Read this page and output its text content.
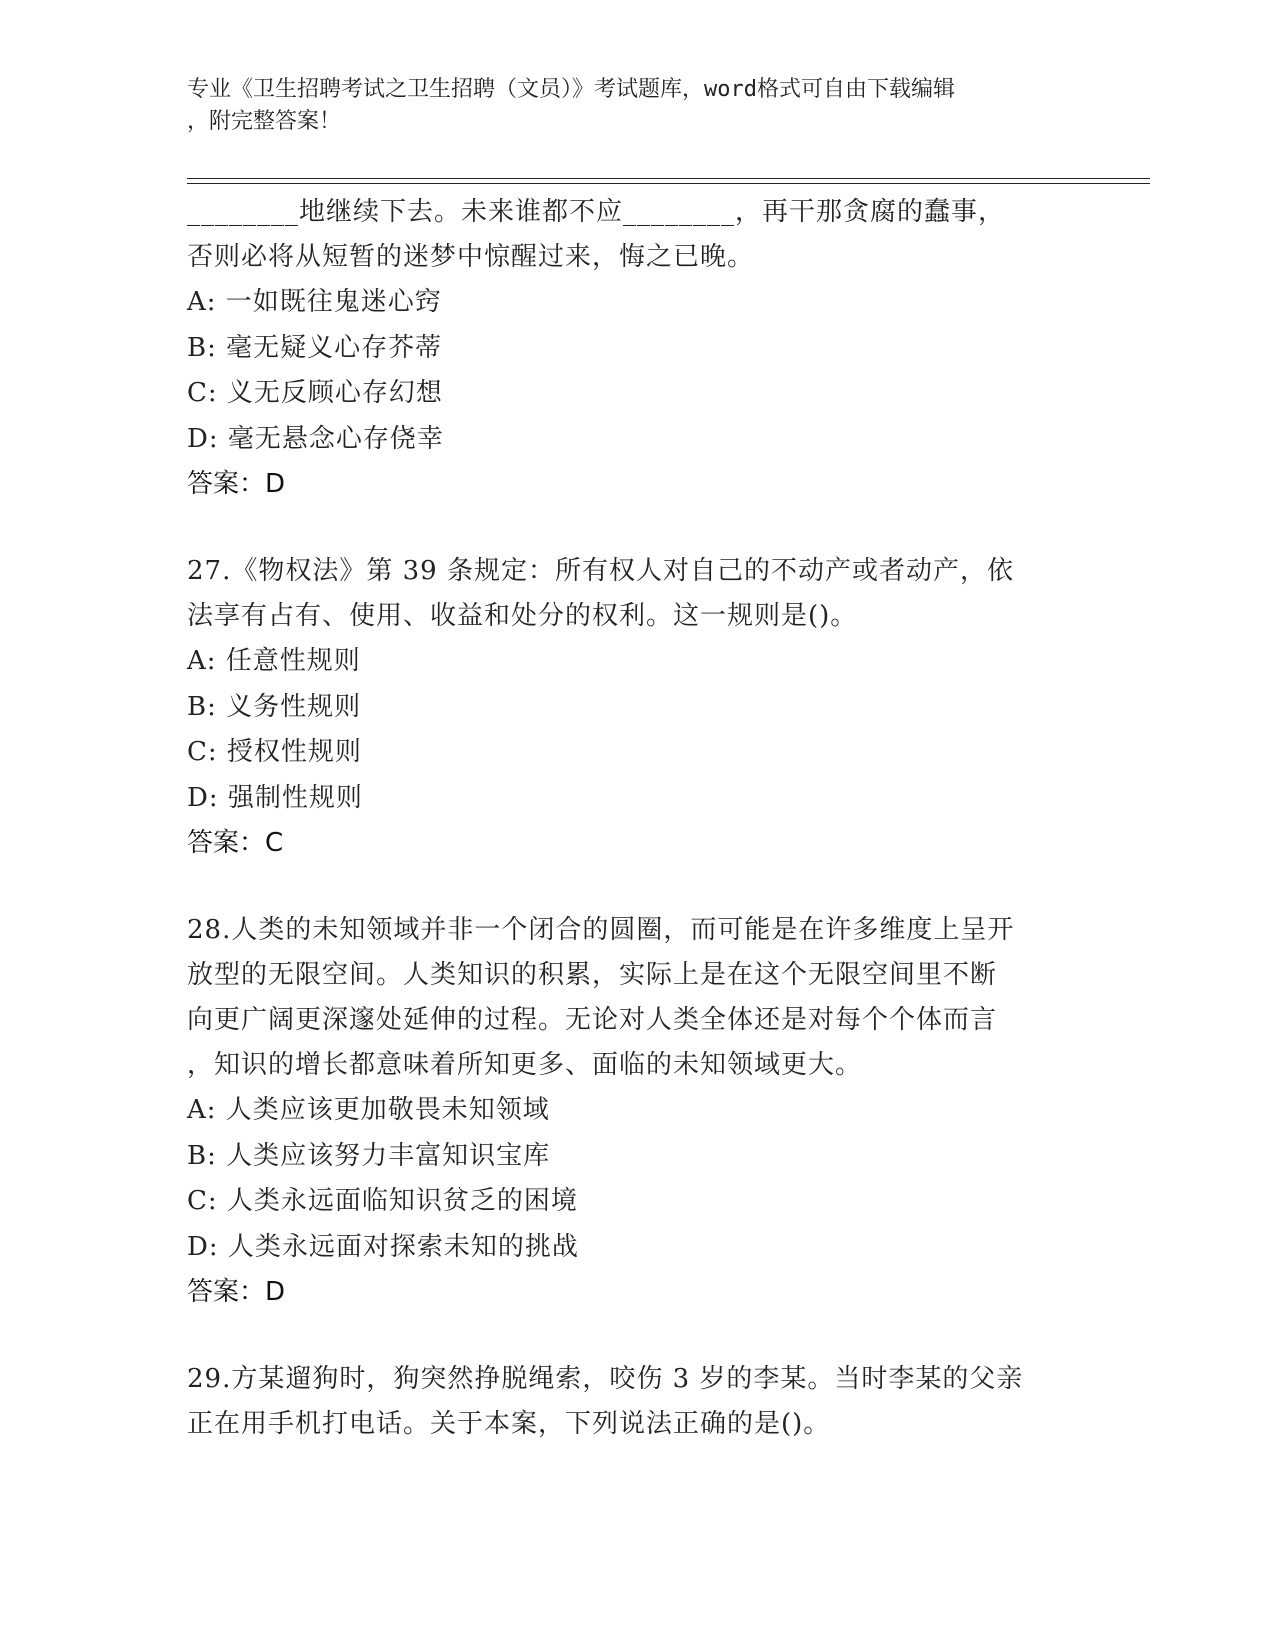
专业《卫生招聘考试之卫生招聘（文员）》考试题库，word格式可自由下载编辑
，附完整答案！

________地继续下去。未来谁都不应________，再干那贪腐的蠢事，

否则必将从短暂的迷梦中惊醒过来，悔之已晚。

A: 一如既往鬼迷心窍

B: 毫无疑义心存芥蒂

C: 义无反顾心存幻想

D: 毫无悬念心存侥幸

答案：D

27.《物权法》第 39 条规定：所有权人对自己的不动产或者动产，依

法享有占有、使用、收益和处分的权利。这一规则是()。

A: 任意性规则

B: 义务性规则

C: 授权性规则

D: 强制性规则

答案：C

28.人类的未知领域并非一个闭合的圆圈，而可能是在许多维度上呈开

放型的无限空间。人类知识的积累，实际上是在这个无限空间里不断

向更广阔更深邃处延伸的过程。无论对人类全体还是对每个个体而言

，知识的增长都意味着所知更多、面临的未知领域更大。

A: 人类应该更加敬畏未知领域

B: 人类应该努力丰富知识宝库

C: 人类永远面临知识贫乏的困境

D: 人类永远面对探索未知的挑战

答案：D

29.方某遛狗时，狗突然挣脱绳索，咬伤 3 岁的李某。当时李某的父亲

正在用手机打电话。关于本案，下列说法正确的是()。
